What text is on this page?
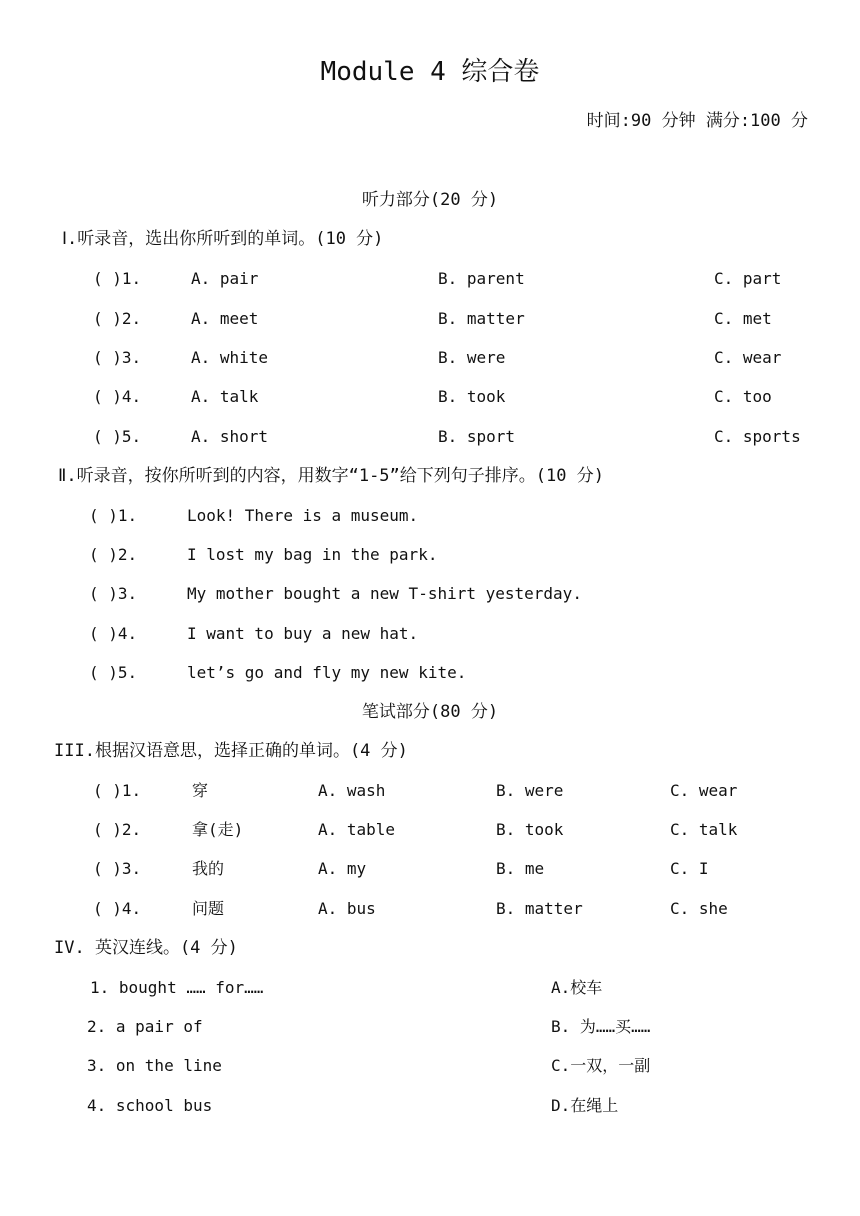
Module 4 综合卷
时间:90 分钟 满分:100 分
听力部分(20 分)
Ⅰ.听录音，选出你所听到的单词。(10 分)
( )1.	A. pair	B. parent	C. part
( )2.	A. meet	B. matter	C. met
( )3.	A. white	B. were	C. wear
( )4.	A. talk	B. took	C. too
( )5.	A. short	B. sport	C. sports
Ⅱ.听录音，按你所听到的内容，用数字“1-5”给下列句子排序。(10 分)
( )1.	Look! There is a museum.
( )2.	I lost my bag in the park.
( )3.	My mother bought a new T-shirt yesterday.
( )4.	I want to buy a new hat.
( )5.	let’s go and fly my new kite.
笔试部分(80 分)
III.根据汉语意思，选择正确的单词。(4 分)
( )1.	穿	A. wash	B. were	C. wear
( )2.	拿(走)	A. table	B. took	C. talk
( )3.	我的	A. my	B. me	C. I
( )4.	问题	A. bus	B. matter	C. she
IV. 英汉连线。(4 分)
1. bought …… for……	A.校车
2. a pair of	B. 为……买……
3. on the line	C.一双，一副
4. school bus	D.在绳上
